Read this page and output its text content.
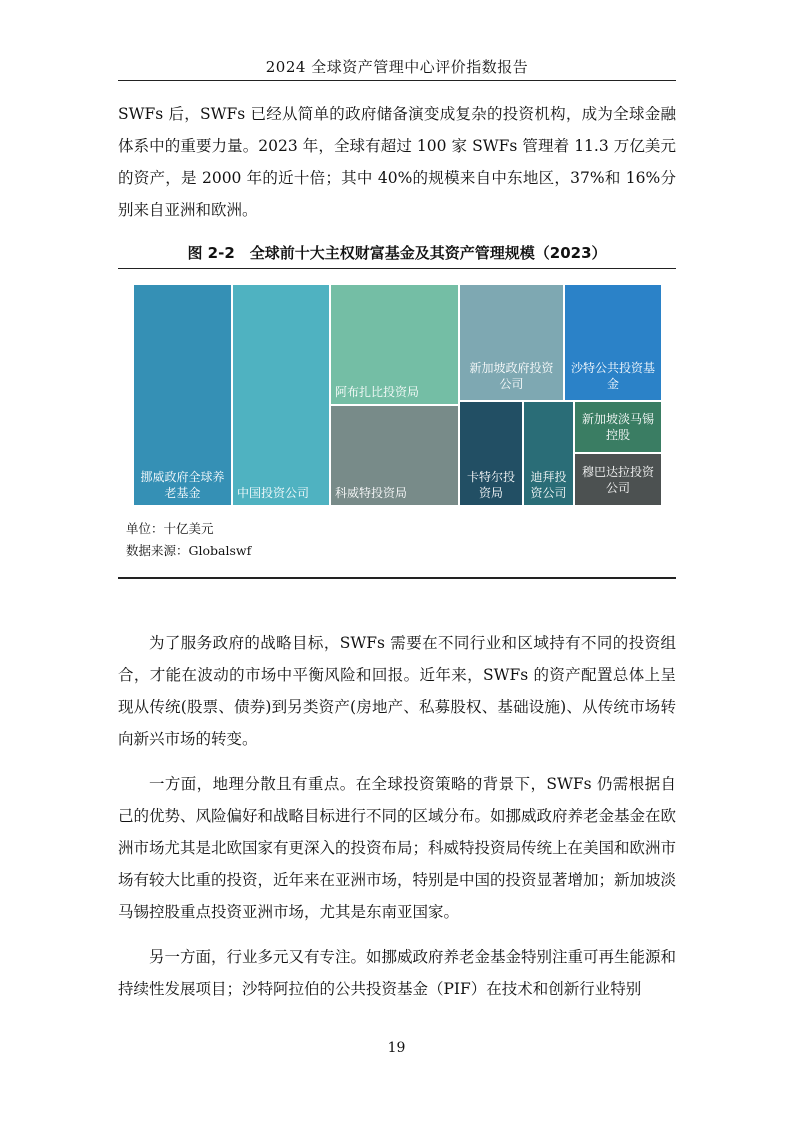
2024 全球资产管理中心评价指数报告

SWFs 后，SWFs 已经从简单的政府储备演变成复杂的投资机构，成为全球金融体系中的重要力量。2023 年，全球有超过 100 家 SWFs 管理着 11.3 万亿美元的资产，是 2000 年的近十倍；其中 40%的规模来自中东地区，37%和 16%分别来自亚洲和欧洲。

图 2-2　全球前十大主权财富基金及其资产管理规模（2023）
挪威政府全球养老基金	中国投资公司
阿布扎比投资局
科威特投资局
新加坡政府投资公司
沙特公共投资基金
卡特尔投资局
迪拜投资公司
新加坡淡马锡控股
穆巴达拉投资公司
单位：十亿美元
数据来源：Globalswf

为了服务政府的战略目标，SWFs 需要在不同行业和区域持有不同的投资组合，才能在波动的市场中平衡风险和回报。近年来，SWFs 的资产配置总体上呈现从传统(股票、债券)到另类资产(房地产、私募股权、基础设施)、从传统市场转向新兴市场的转变。

一方面，地理分散且有重点。在全球投资策略的背景下，SWFs 仍需根据自己的优势、风险偏好和战略目标进行不同的区域分布。如挪威政府养老金基金在欧洲市场尤其是北欧国家有更深入的投资布局；科威特投资局传统上在美国和欧洲市场有较大比重的投资，近年来在亚洲市场，特别是中国的投资显著增加；新加坡淡马锡控股重点投资亚洲市场，尤其是东南亚国家。

另一方面，行业多元又有专注。如挪威政府养老金基金特别注重可再生能源和持续性发展项目；沙特阿拉伯的公共投资基金（PIF）在技术和创新行业特别

19
